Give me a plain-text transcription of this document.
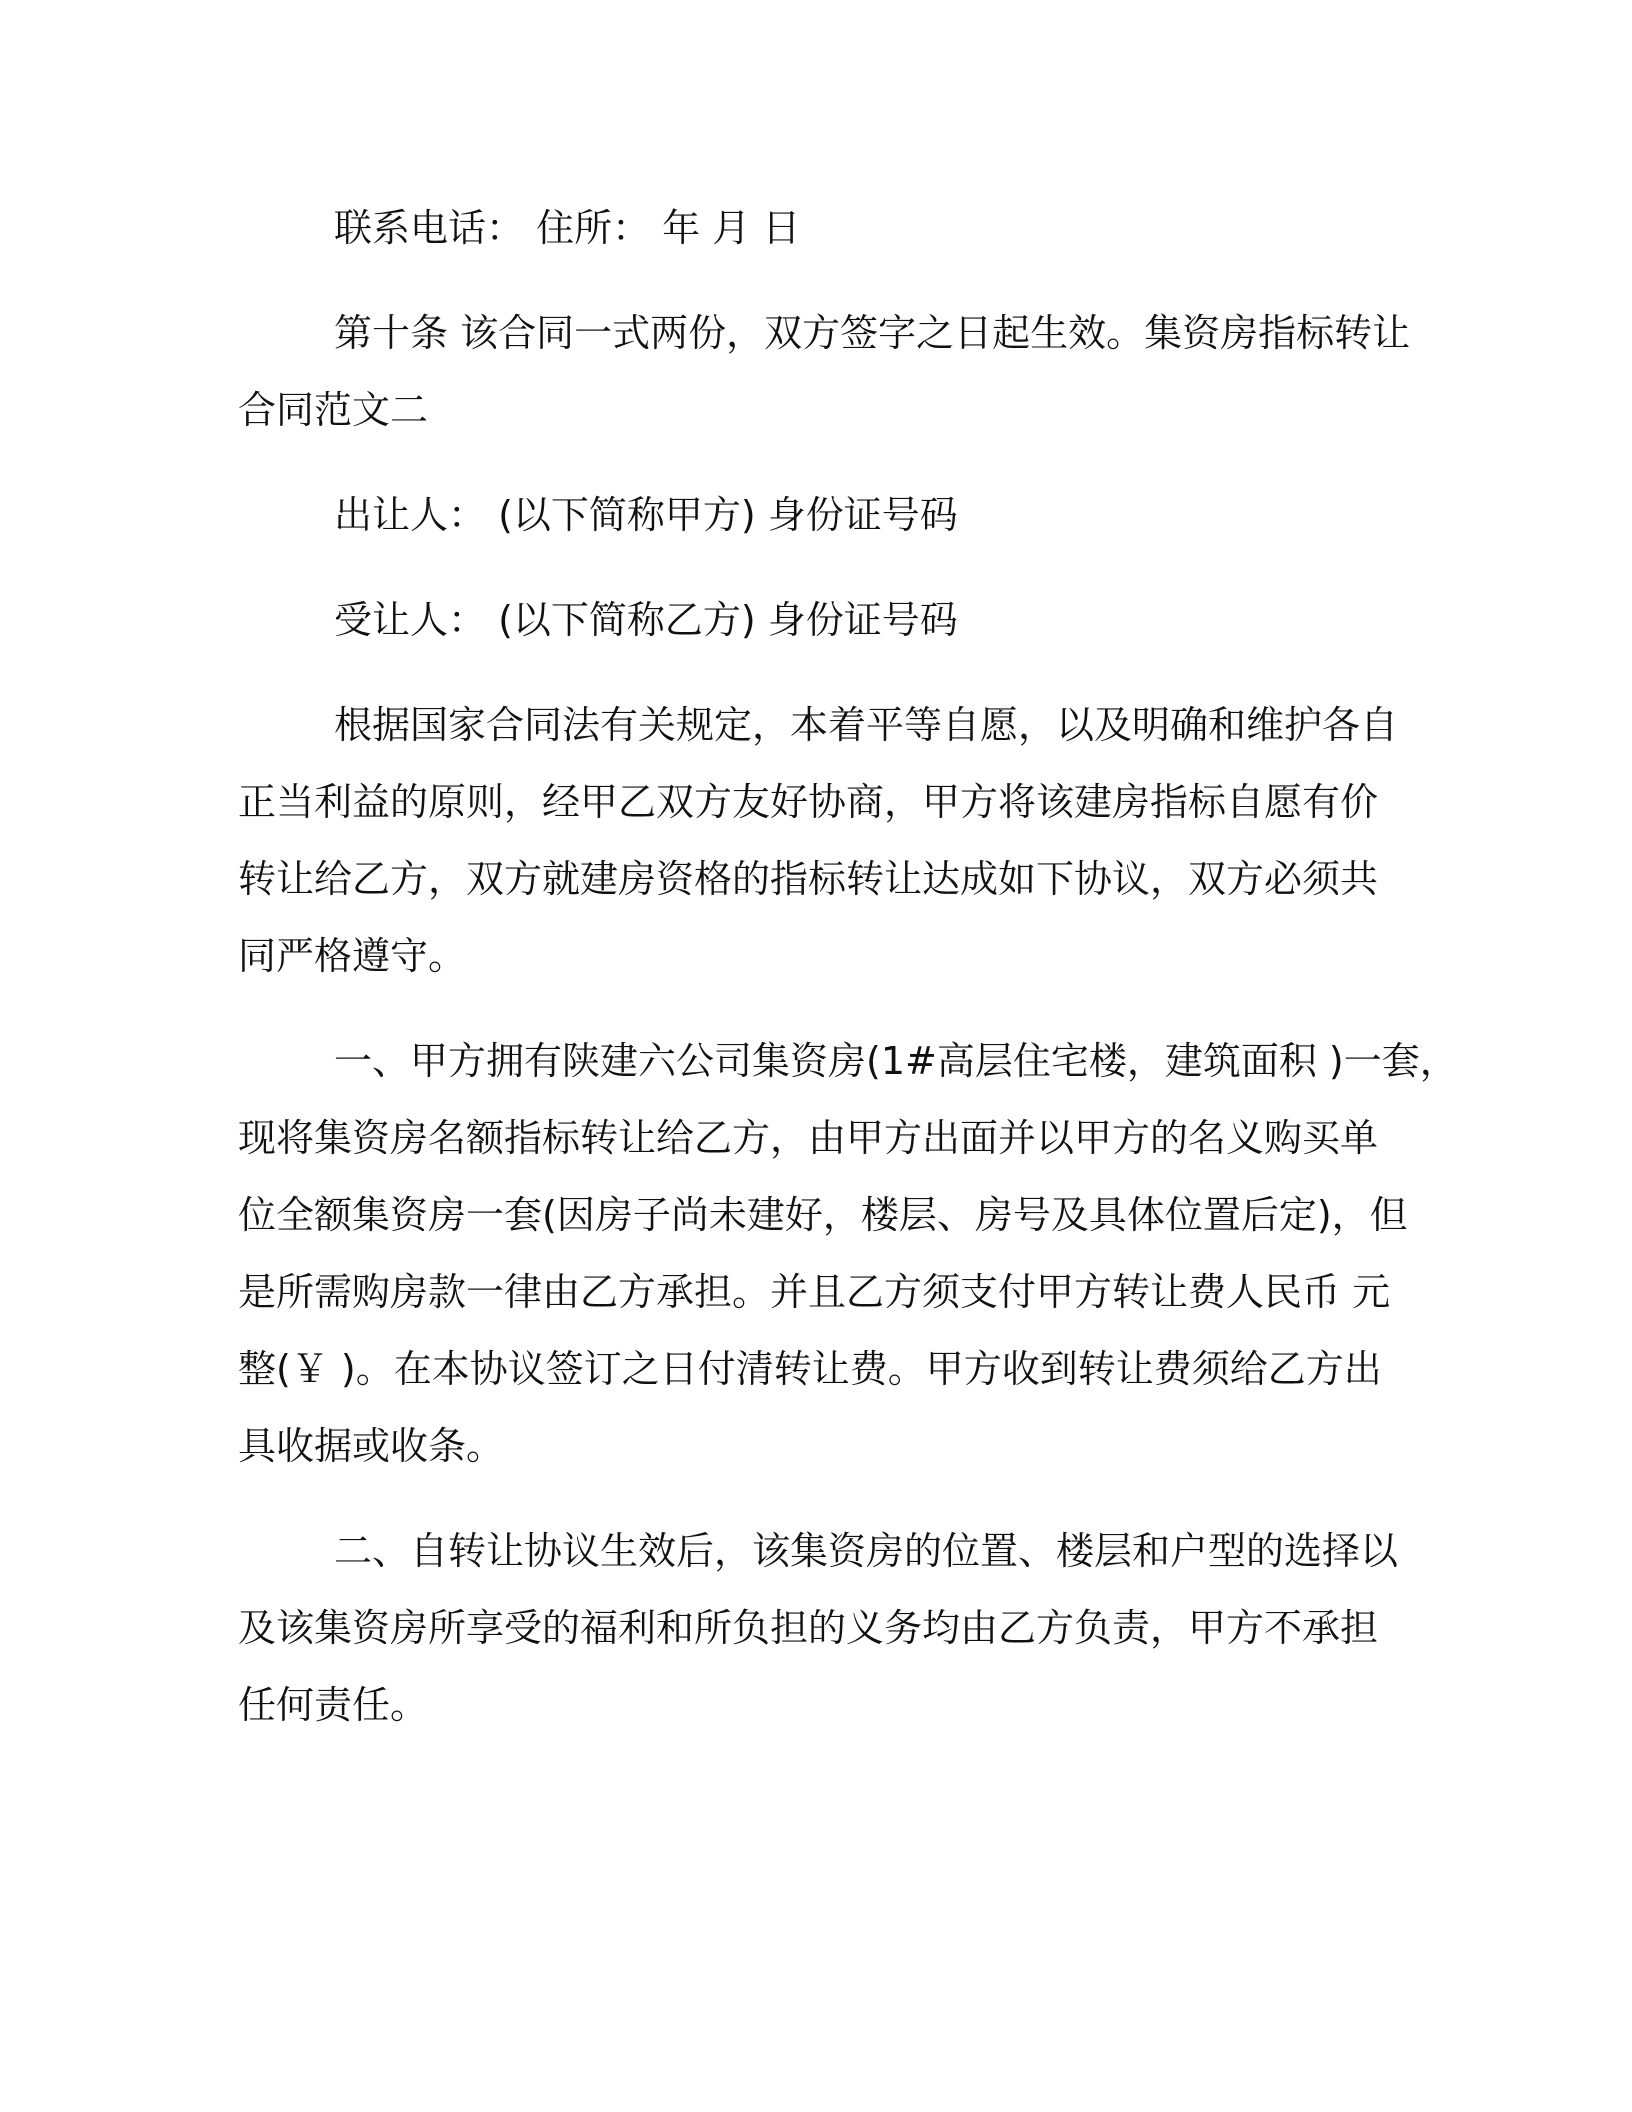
联系电话： 住所： 年 月 日
第十条 该合同一式两份，双方签字之日起生效。集资房指标转让
合同范文二
出让人： (以下简称甲方) 身份证号码
受让人： (以下简称乙方) 身份证号码
根据国家合同法有关规定，本着平等自愿，以及明确和维护各自
正当利益的原则，经甲乙双方友好协商，甲方将该建房指标自愿有价
转让给乙方，双方就建房资格的指标转让达成如下协议，双方必须共
同严格遵守。
一、甲方拥有陕建六公司集资房(1#高层住宅楼，建筑面积 )一套，
现将集资房名额指标转让给乙方，由甲方出面并以甲方的名义购买单
位全额集资房一套(因房子尚未建好，楼层、房号及具体位置后定)，但
是所需购房款一律由乙方承担。并且乙方须支付甲方转让费人民币 元
整(￥ )。在本协议签订之日付清转让费。甲方收到转让费须给乙方出
具收据或收条。
二、自转让协议生效后，该集资房的位置、楼层和户型的选择以
及该集资房所享受的福利和所负担的义务均由乙方负责，甲方不承担
任何责任。
